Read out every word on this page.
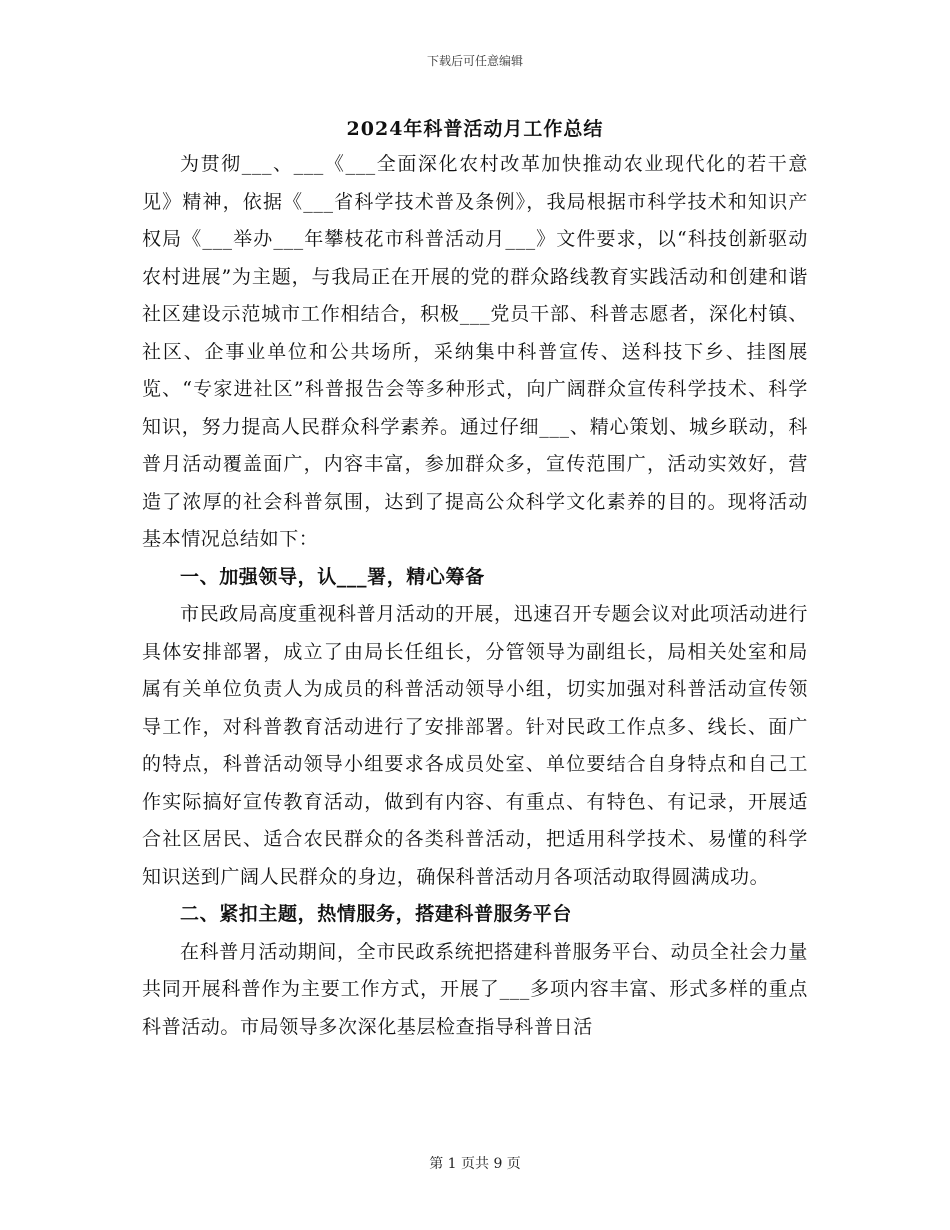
下载后可任意编辑
2024年科普活动月工作总结

为贯彻___、___《___全面深化农村改革加快推动农业现代化的若干意见》精神，依据《___省科学技术普及条例》，我局根据市科学技术和知识产权局《___举办___年攀枝花市科普活动月___》文件要求，以“科技创新驱动农村进展”为主题，与我局正在开展的党的群众路线教育实践活动和创建和谐社区建设示范城市工作相结合，积极___党员干部、科普志愿者，深化村镇、社区、企事业单位和公共场所，采纳集中科普宣传、送科技下乡、挂图展览、“专家进社区”科普报告会等多种形式，向广阔群众宣传科学技术、科学知识，努力提高人民群众科学素养。通过仔细___、精心策划、城乡联动，科普月活动覆盖面广，内容丰富，参加群众多，宣传范围广，活动实效好，营造了浓厚的社会科普氛围，达到了提高公众科学文化素养的目的。现将活动基本情况总结如下：

一、加强领导，认___署，精心筹备

市民政局高度重视科普月活动的开展，迅速召开专题会议对此项活动进行具体安排部署，成立了由局长任组长，分管领导为副组长，局相关处室和局属有关单位负责人为成员的科普活动领导小组，切实加强对科普活动宣传领导工作，对科普教育活动进行了安排部署。针对民政工作点多、线长、面广的特点，科普活动领导小组要求各成员处室、单位要结合自身特点和自己工作实际搞好宣传教育活动，做到有内容、有重点、有特色、有记录，开展适合社区居民、适合农民群众的各类科普活动，把适用科学技术、易懂的科学知识送到广阔人民群众的身边，确保科普活动月各项活动取得圆满成功。

二、紧扣主题，热情服务，搭建科普服务平台

在科普月活动期间，全市民政系统把搭建科普服务平台、动员全社会力量共同开展科普作为主要工作方式，开展了___多项内容丰富、形式多样的重点科普活动。市局领导多次深化基层检查指导科普日活

第 1 页共 9 页
